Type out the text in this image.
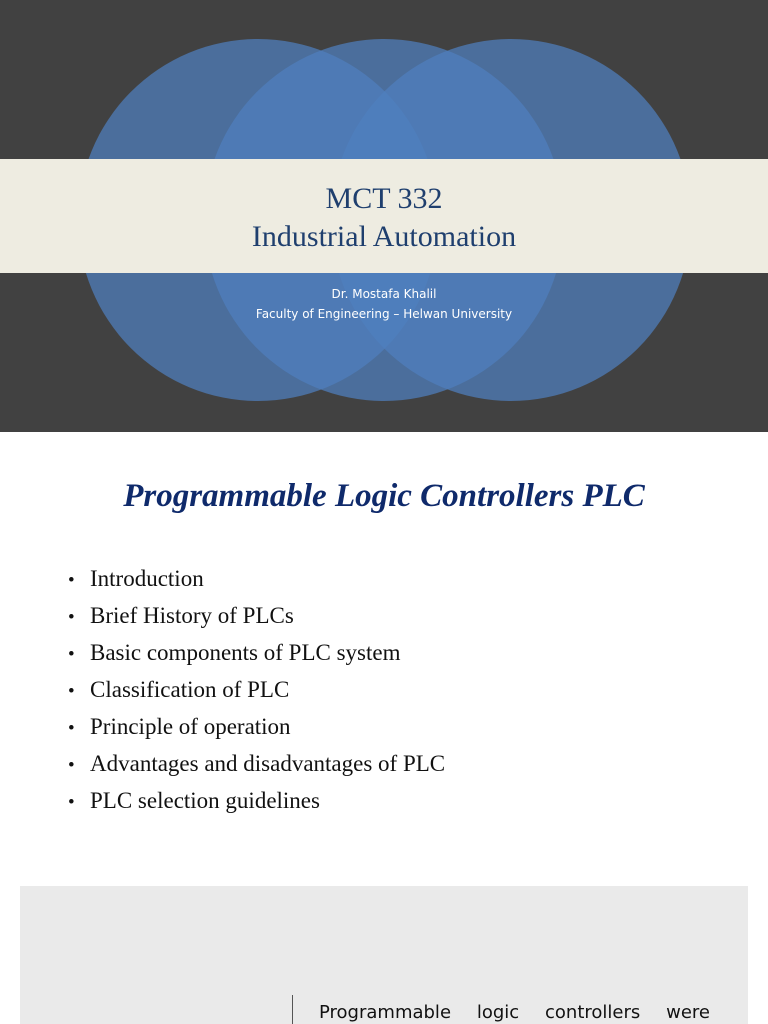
MCT 332
Industrial Automation
Dr. Mostafa Khalil
Faculty of Engineering – Helwan University
Programmable Logic Controllers PLC
• Introduction
• Brief History of PLCs
• Basic components of PLC system
• Classification of PLC
• Principle of operation
• Advantages and disadvantages of PLC
• PLC selection guidelines
Programmable logic controllers were
